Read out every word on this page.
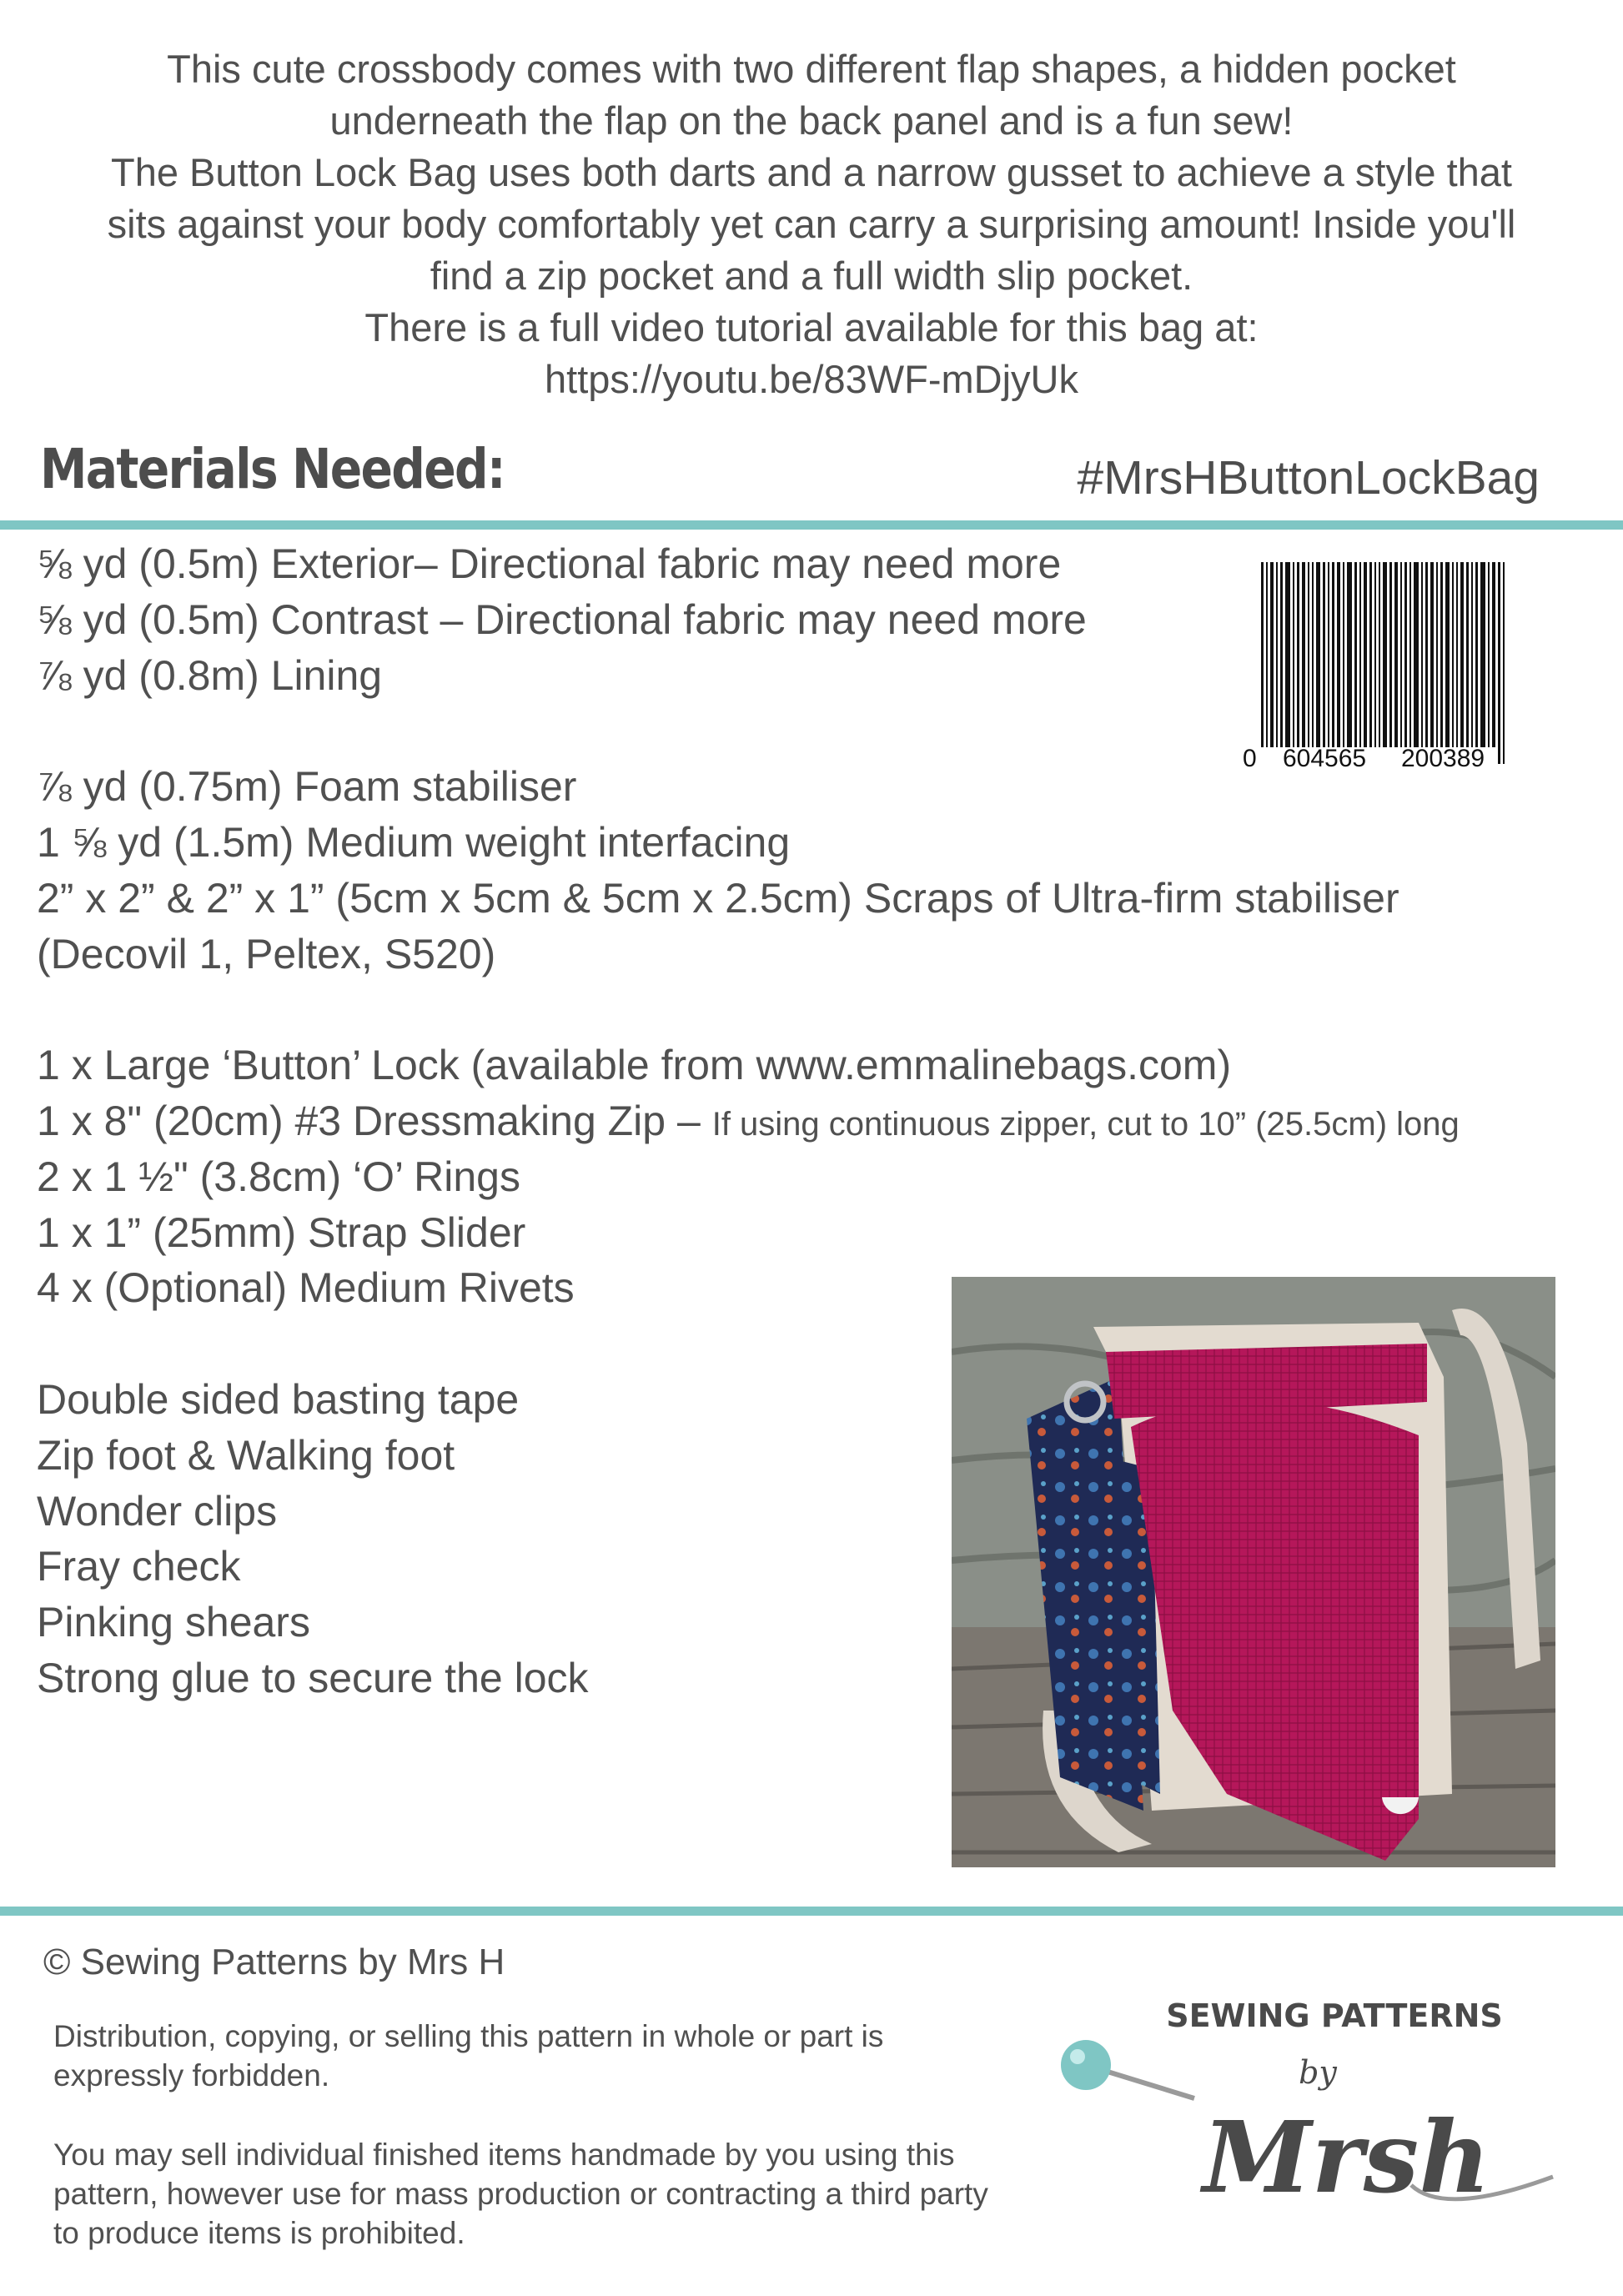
This cute crossbody comes with two different flap shapes, a hidden pocket
underneath the flap on the back panel and is a fun sew!
The Button Lock Bag uses both darts and a narrow gusset to achieve a style that
sits against your body comfortably yet can carry a surprising amount! Inside you'll
find a zip pocket and a full width slip pocket.
There is a full video tutorial available for this bag at:
https://youtu.be/83WF-mDjyUk
Materials Needed:	#MrsHButtonLockBag
⅝ yd (0.5m) Exterior– Directional fabric may need more
⅝ yd (0.5m) Contrast – Directional fabric may need more
⅞ yd (0.8m) Lining
⅞ yd (0.75m) Foam stabiliser
1 ⅝ yd (1.5m) Medium weight interfacing
2” x 2” & 2” x 1” (5cm x 5cm & 5cm x 2.5cm) Scraps of Ultra-firm stabiliser
(Decovil 1, Peltex, S520)
1 x Large ‘Button’ Lock (available from www.emmalinebags.com)
1 x 8" (20cm) #3 Dressmaking Zip – If using continuous zipper, cut to 10” (25.5cm) long
2 x 1 ½" (3.8cm) ‘O’ Rings
1 x 1” (25mm) Strap Slider
4 x (Optional) Medium Rivets
Double sided basting tape
Zip foot & Walking foot
Wonder clips
Fray check
Pinking shears
Strong glue to secure the lock
0 604565 200389
© Sewing Patterns by Mrs H

Distribution, copying, or selling this pattern in whole or part is expressly forbidden.

You may sell individual finished items handmade by you using this pattern, however use for mass production or contracting a third party to produce items is prohibited.

SEWING PATTERNS
by
Mrsh
